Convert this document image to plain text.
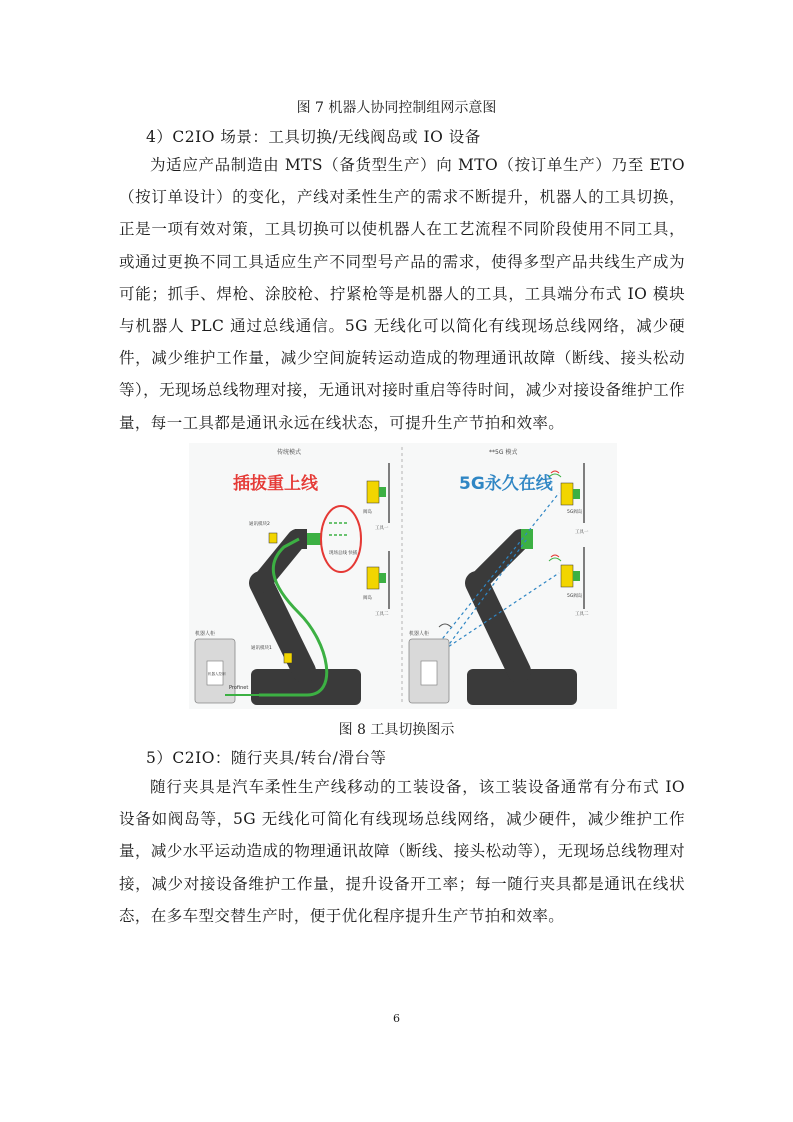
图 7 机器人协同控制组网示意图
4）C2IO 场景：工具切换/无线阀岛或 IO 设备

为适应产品制造由 MTS（备货型生产）向 MTO（按订单生产）乃至 ETO（按订单设计）的变化，产线对柔性生产的需求不断提升，机器人的工具切换，正是一项有效对策，工具切换可以使机器人在工艺流程不同阶段使用不同工具，或通过更换不同工具适应生产不同型号产品的需求，使得多型产品共线生产成为可能；抓手、焊枪、涂胶枪、拧紧枪等是机器人的工具，工具端分布式 IO 模块与机器人 PLC 通过总线通信。5G 无线化可以简化有线现场总线网络，减少硬件，减少维护工作量，减少空间旋转运动造成的物理通讯故障（断线、接头松动等），无现场总线物理对接，无通讯对接时重启等待时间，减少对接设备维护工作量，每一工具都是通讯永远在线状态，可提升生产节拍和效率。

传统模式
插拔重上线
通讯模块2
通讯模块1
现场总线 快插
阀岛
工具一
阀岛
工具二
机器人柜
机器人控制
Profinet
**5G 模式
5G永久在线
5G阀岛
工具一
5G阀岛
工具二
机器人柜
图 8 工具切换图示
5）C2IO：随行夹具/转台/滑台等

随行夹具是汽车柔性生产线移动的工装设备，该工装设备通常有分布式 IO 设备如阀岛等，5G 无线化可简化有线现场总线网络，减少硬件，减少维护工作量，减少水平运动造成的物理通讯故障（断线、接头松动等），无现场总线物理对接，减少对接设备维护工作量，提升设备开工率；每一随行夹具都是通讯在线状态，在多车型交替生产时，便于优化程序提升生产节拍和效率。

6
